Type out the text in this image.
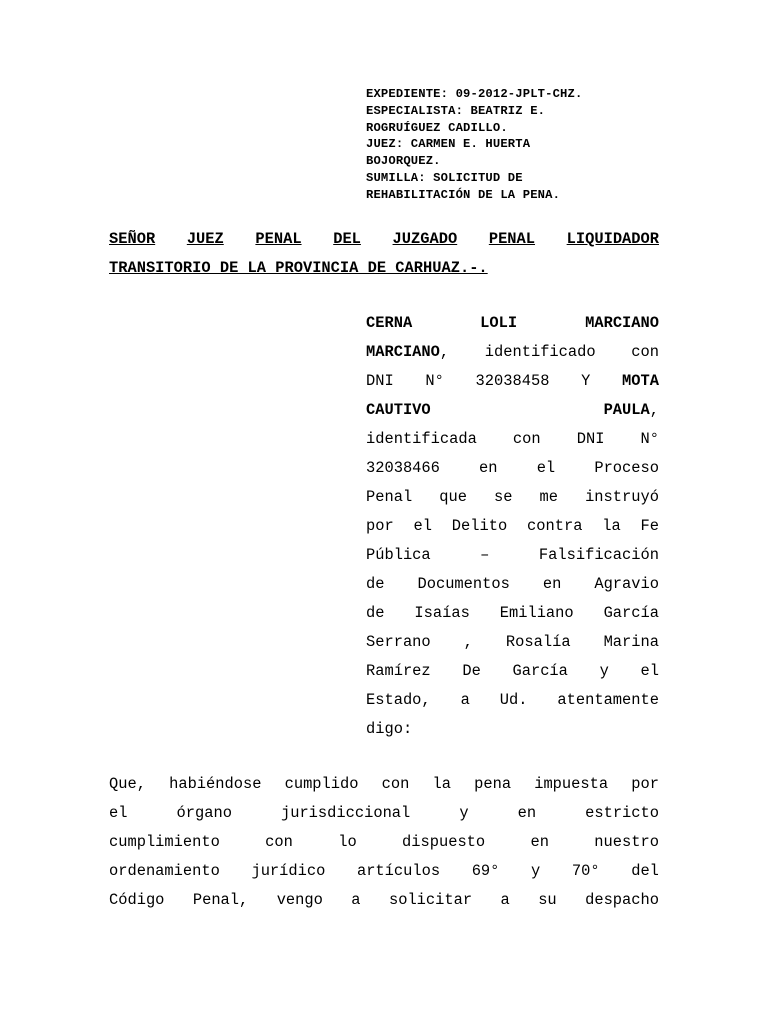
EXPEDIENTE: 09-2012-JPLT-CHZ.
ESPECIALISTA: BEATRIZ E.
ROGRUÍGUEZ CADILLO.
JUEZ: CARMEN E. HUERTA
BOJORQUEZ.
SUMILLA: SOLICITUD DE
REHABILITACIÓN DE LA PENA.
SEÑOR JUEZ PENAL DEL JUZGADO PENAL LIQUIDADOR
TRANSITORIO DE LA PROVINCIA DE CARHUAZ.-.
CERNA	LOLI	MARCIANO
MARCIANO, identificado con
DNI N° 32038458 Y MOTA
CAUTIVO	PAULA,
identificada con DNI N°
32038466	en	el	Proceso
Penal que se me instruyó
por el Delito contra la Fe
Pública	–	Falsificación
de Documentos en Agravio
de Isaías Emiliano García
Serrano , Rosalía Marina
Ramírez De García y el
Estado, a Ud. atentamente
digo:
Que, habiéndose cumplido con la pena impuesta por
el	órgano	jurisdiccional	y	en	estricto
cumplimiento	con	lo	dispuesto	en	nuestro
ordenamiento jurídico artículos 69° y 70° del
Código Penal, vengo a solicitar a su despacho
